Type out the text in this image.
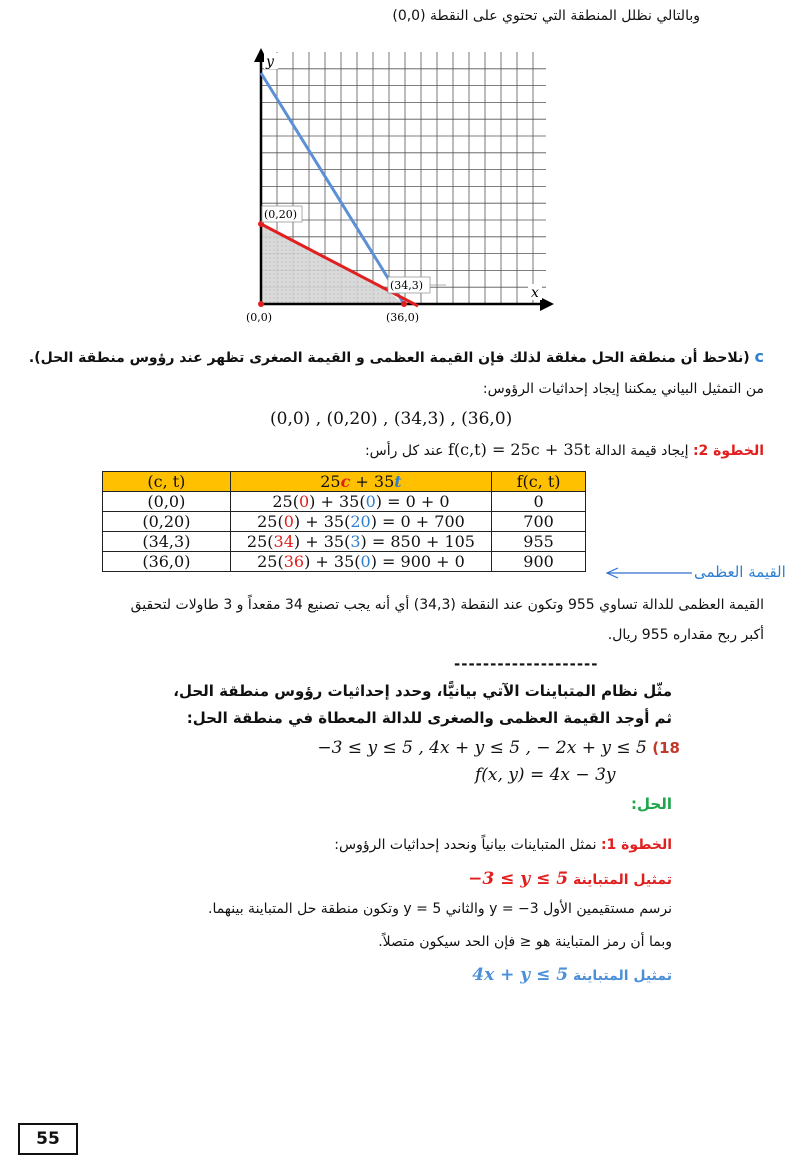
وبالتالي نظلل المنطقة التي تحتوي على النقطة (0,0)
y
x
(0,20)
(34,3)
(0,0)	(36,0)
c (نلاحظ أن منطقة الحل مغلقة لذلك فإن القيمة العظمى و القيمة الصغرى تظهر عند رؤوس منطقة الحل).
من التمثيل البياني يمكننا إيجاد إحداثيات الرؤوس:
(0,0) , (0,20) , (34,3) , (36,0)
الخطوة 2: إيجاد قيمة الدالة f(c,t) = 25c + 35t عند كل رأس:
(c, t)	25c + 35t	f(c, t)
(0,0)	25(0) + 35(0) = 0 + 0	0
(0,20)	25(0) + 35(20) = 0 + 700	700
(34,3)	25(34) + 35(3) = 850 + 105	955
(36,0)	25(36) + 35(0) = 900 + 0	900
القيمة العظمى
القيمة العظمى للدالة تساوي 955 وتكون عند النقطة (34,3) أي أنه يجب تصنيع 34 مقعداً و 3 طاولات لتحقيق
أكبر ربح مقداره 955 ريال.
--------------------
مثّل نظام المتباينات الآتي بيانيًّا، وحدد إحداثيات رؤوس منطقة الحل،
ثم أوجد القيمة العظمى والصغرى للدالة المعطاة في منطقة الحل:
−3 ≤ y ≤ 5 , 4x + y ≤ 5 , − 2x + y ≤ 5 (18
f(x, y) = 4x − 3y
الحل:
الخطوة 1: نمثل المتباينات بيانياً ونحدد إحداثيات الرؤوس:
تمثيل المتباينة −3 ≤ y ≤ 5
نرسم مستقيمين الأول y = −3 والثاني y = 5 وتكون منطقة حل المتباينة بينهما.
وبما أن رمز المتباينة هو ≤ فإن الحد سيكون متصلاً.
تمثيل المتباينة 4x + y ≤ 5
55
